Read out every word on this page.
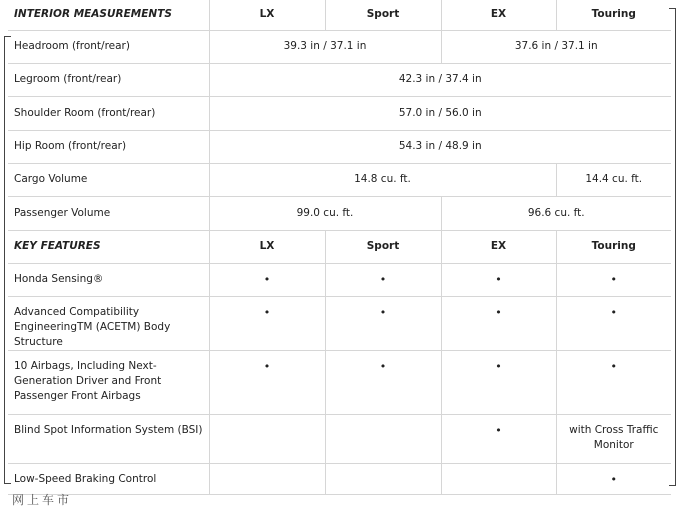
INTERIOR MEASUREMENTS	LX	Sport	EX	Touring
Headroom (front/rear)	39.3 in / 37.1 in		37.6 in / 37.1 in	
Legroom (front/rear)	42.3 in / 37.4 in			
Shoulder Room (front/rear)	57.0 in / 56.0 in			
Hip Room (front/rear)	54.3 in / 48.9 in			
Cargo Volume	14.8 cu. ft.			14.4 cu. ft.
Passenger Volume	99.0 cu. ft.		96.6 cu. ft.	
KEY FEATURES	LX	Sport	EX	Touring
Honda Sensing®	•	•	•	•
Advanced Compatibility EngineeringTM (ACETM) Body Structure	•	•	•	•
10 Airbags, Including Next-Generation Driver and Front Passenger Front Airbags	•	•	•	•
Blind Spot Information System (BSI)			•	with Cross Traffic Monitor
Low-Speed Braking Control				•
网上车市
